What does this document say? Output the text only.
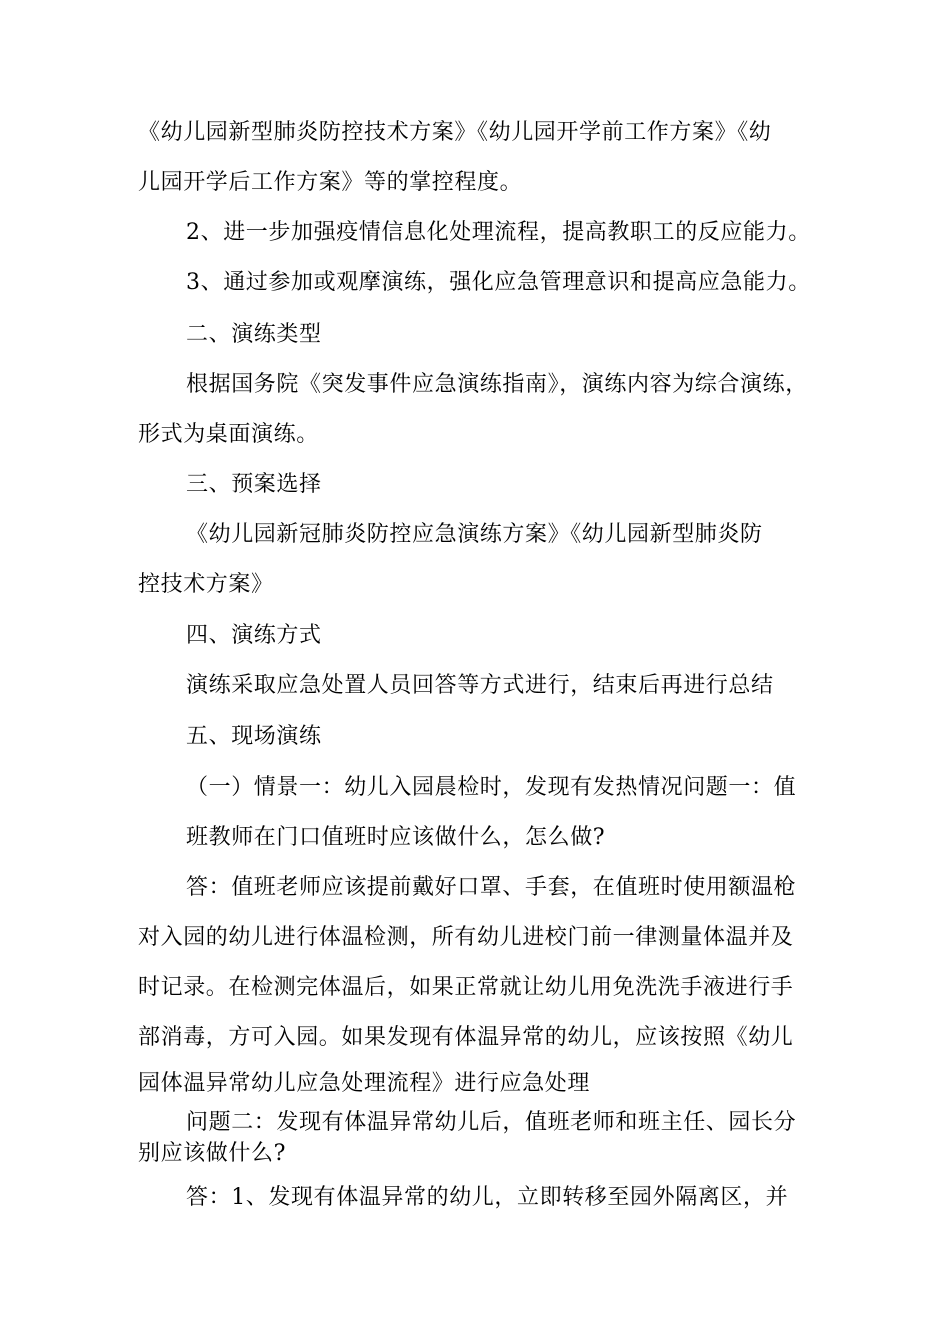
《幼儿园新型肺炎防控技术方案》《幼儿园开学前工作方案》《幼
儿园开学后工作方案》等的掌控程度。
2、进一步加强疫情信息化处理流程，提高教职工的反应能力。
3、通过参加或观摩演练，强化应急管理意识和提高应急能力。
二、演练类型
根据国务院《突发事件应急演练指南》，演练内容为综合演练，
形式为桌面演练。
三、预案选择
《幼儿园新冠肺炎防控应急演练方案》《幼儿园新型肺炎防
控技术方案》
四、演练方式
演练采取应急处置人员回答等方式进行，结束后再进行总结
五、现场演练
（一）情景一：幼儿入园晨检时，发现有发热情况问题一：值
班教师在门口值班时应该做什么，怎么做?
答：值班老师应该提前戴好口罩、手套，在值班时使用额温枪
对入园的幼儿进行体温检测，所有幼儿进校门前一律测量体温并及
时记录。在检测完体温后，如果正常就让幼儿用免洗洗手液进行手
部消毒，方可入园。如果发现有体温异常的幼儿，应该按照《幼儿
园体温异常幼儿应急处理流程》进行应急处理
问题二：发现有体温异常幼儿后，值班老师和班主任、园长分
别应该做什么?
答：1、发现有体温异常的幼儿，立即转移至园外隔离区，并
